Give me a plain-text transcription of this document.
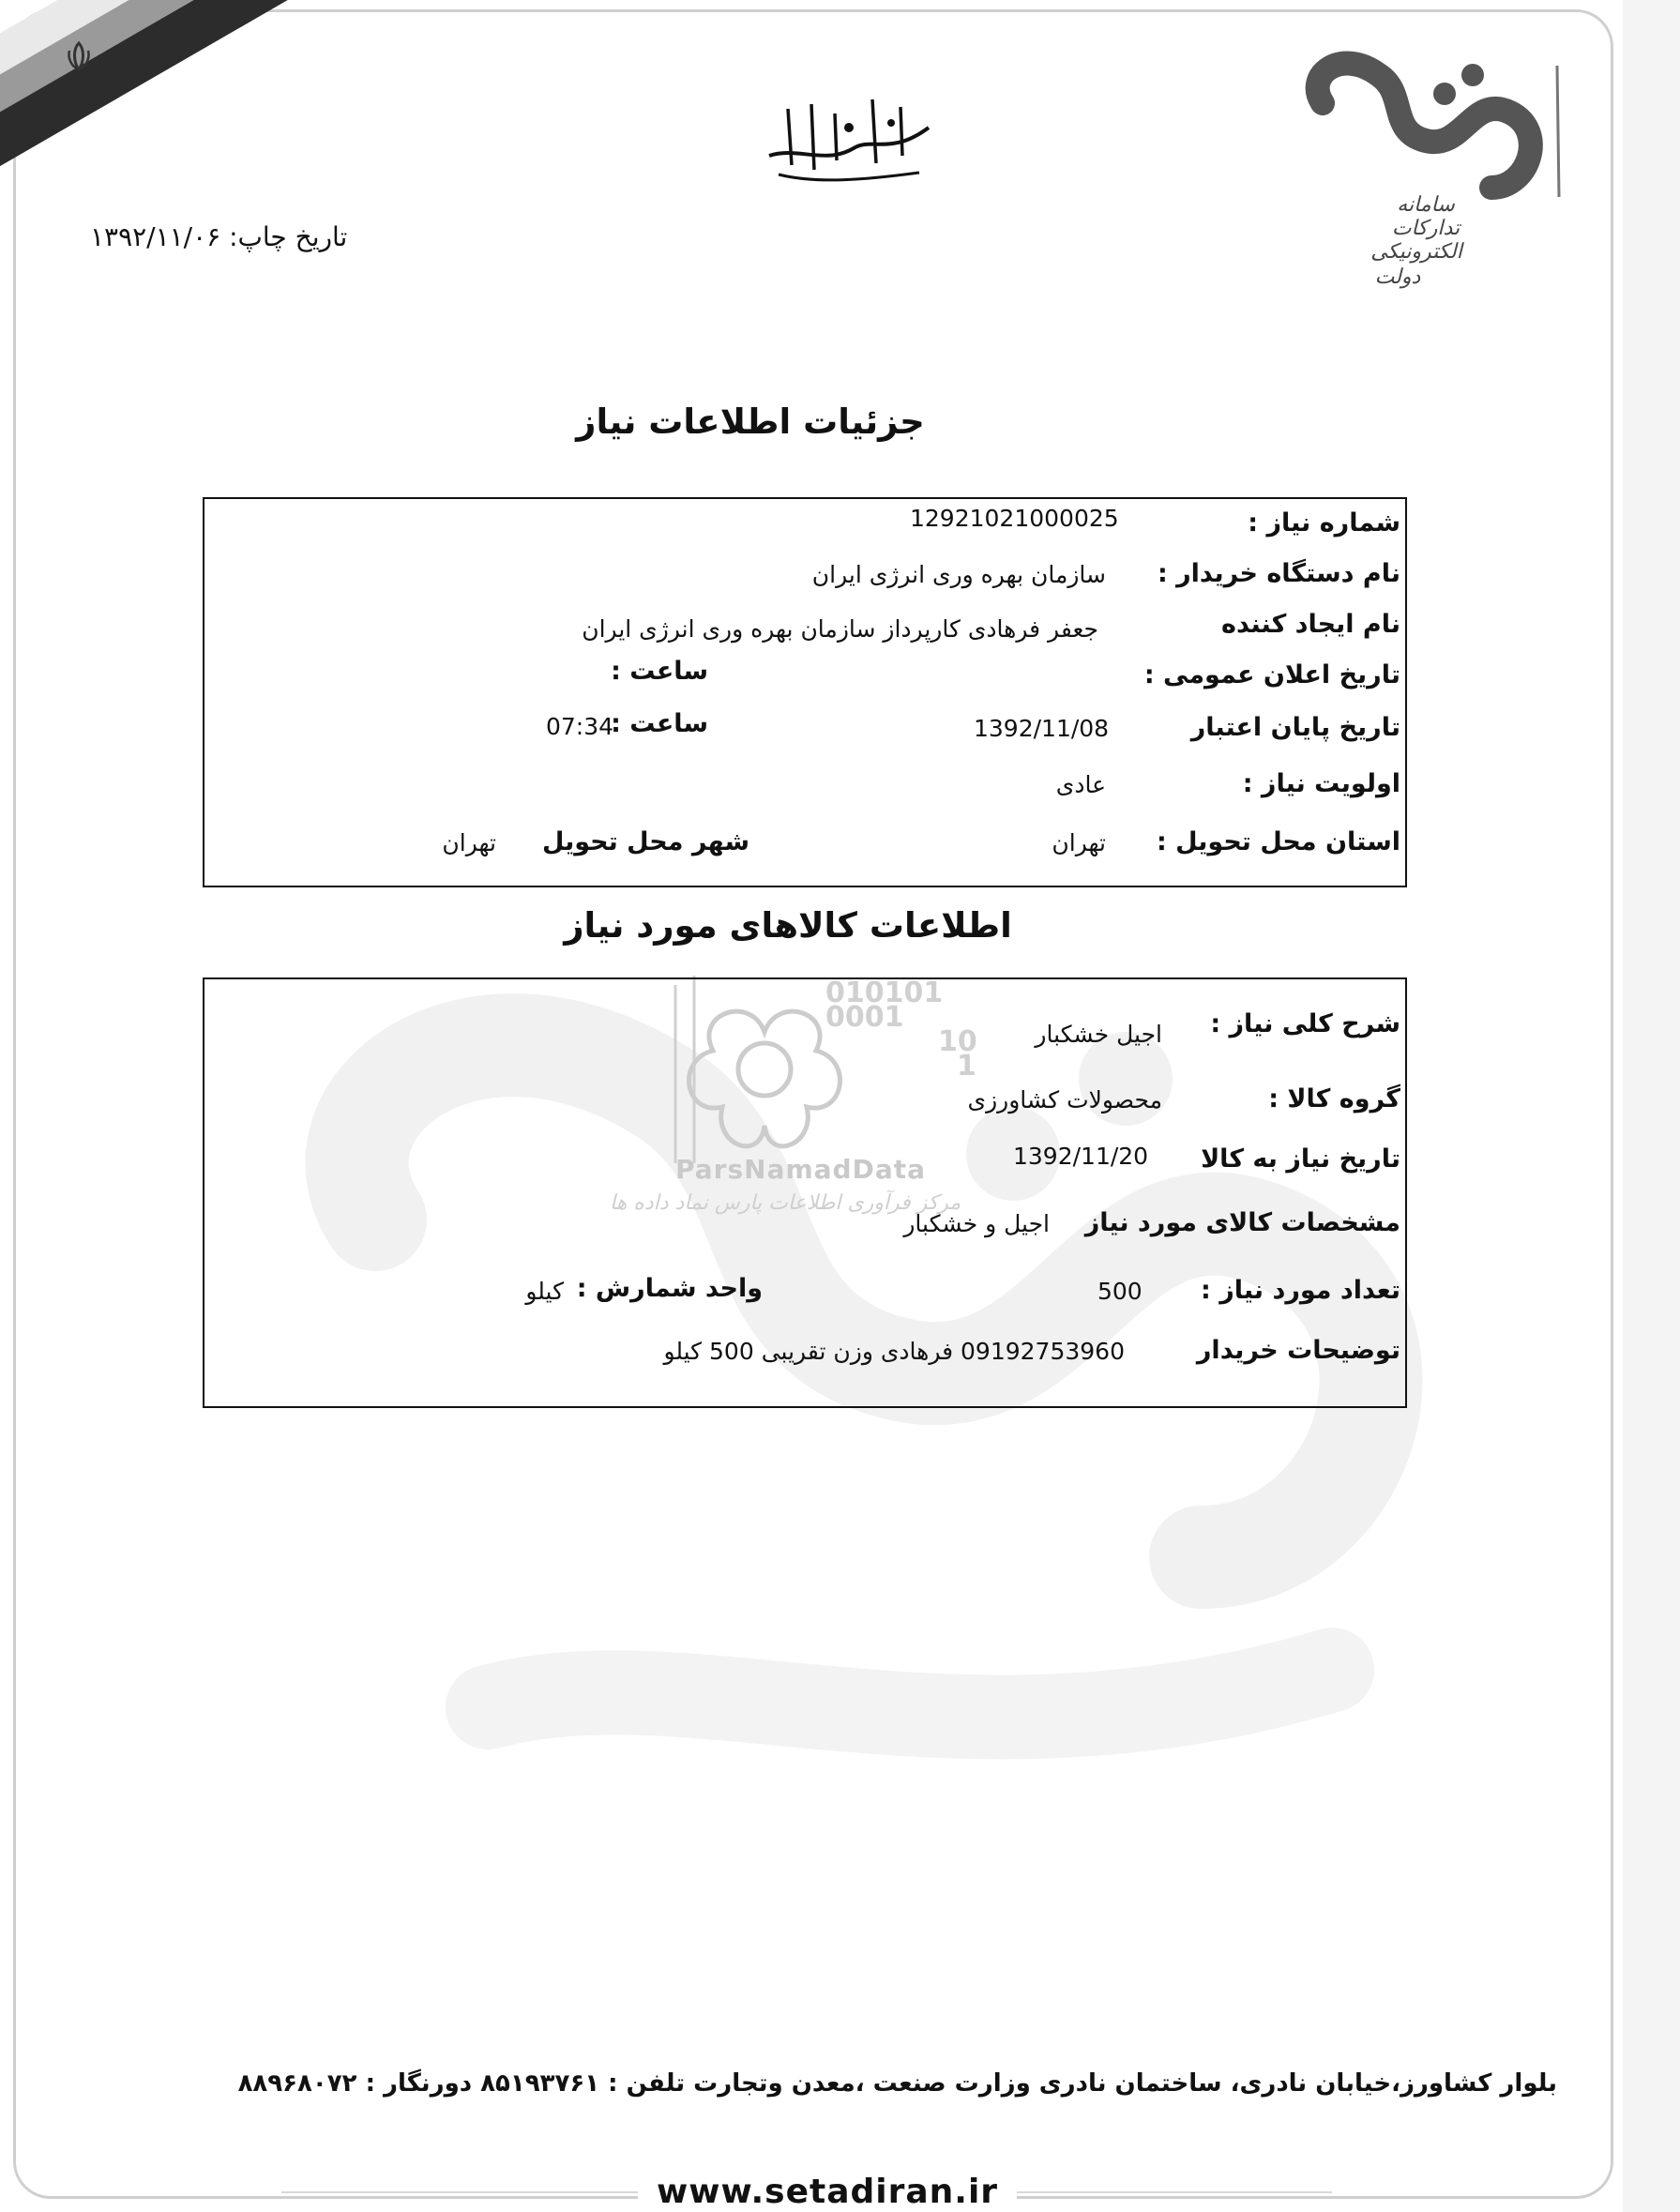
سامانه
تدارکات
الکترونیکی
دولت
تاریخ چاپ: ۱۳۹۲/۱۱/۰۶
جزئیات اطلاعات نیاز
شماره نیاز :
12921021000025
نام دستگاه خریدار :
سازمان بهره وری انرژی ایران
نام ایجاد کننده
جعفر فرهادی کارپرداز سازمان بهره وری انرژی ایران
تاریخ اعلان عمومی :
ساعت :
تاریخ پایان اعتبار
1392/11/08
ساعت :
07:34
اولویت نیاز :
عادی
استان محل تحویل :
تهران
شهر محل تحویل
تهران
اطلاعات کالاهای مورد نیاز
010101
0001
10
1
ParsNamadData
مرکز فرآوری اطلاعات پارس نماد داده ها
شرح کلی نیاز :
اجیل خشکبار
گروه کالا :
محصولات کشاورزی
تاریخ نیاز به کالا
1392/11/20
مشخصات کالای مورد نیاز
اجیل و خشکبار
تعداد مورد نیاز :
500
واحد شمارش :
کیلو
توضیحات خریدار
09192753960 فرهادی وزن تقریبی 500 کیلو
بلوار کشاورز،خیابان نادری، ساختمان نادری وزارت صنعت ،معدن وتجارت تلفن : ۸۵۱۹۳۷۶۱ دورنگار : ۸۸۹۶۸۰۷۲
www.setadiran.ir
